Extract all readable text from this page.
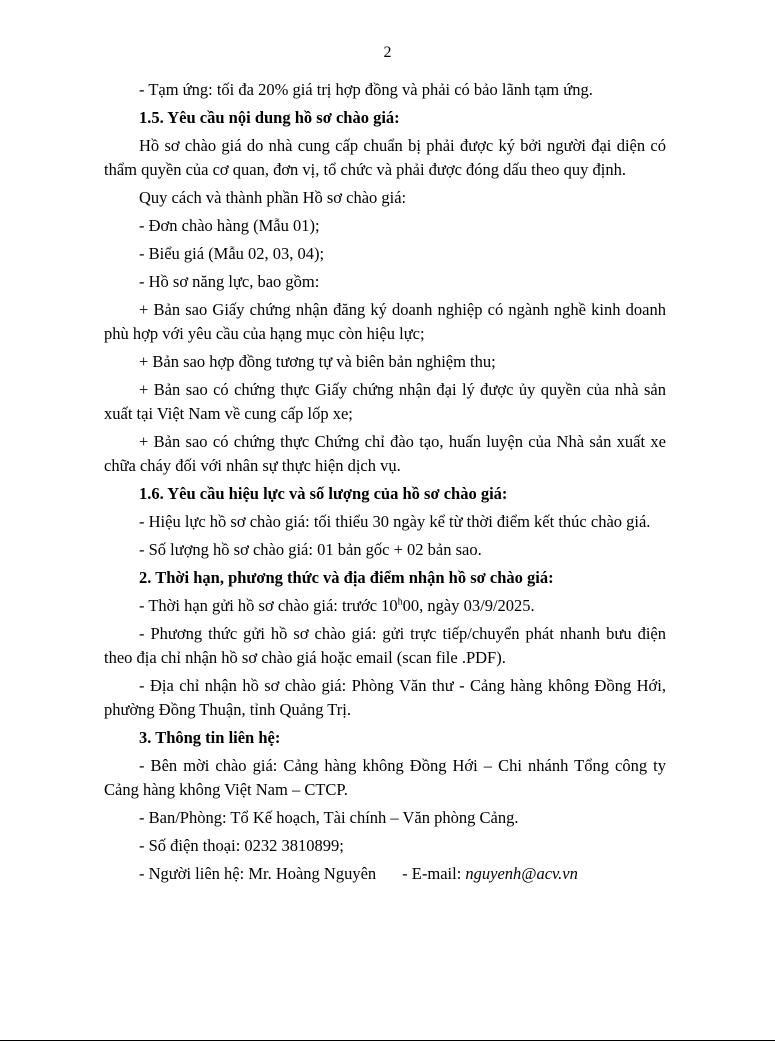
2

- Tạm ứng: tối đa 20% giá trị hợp đồng và phải có bảo lãnh tạm ứng.

1.5. Yêu cầu nội dung hồ sơ chào giá:

Hồ sơ chào giá do nhà cung cấp chuẩn bị phải được ký bởi người đại diện có thẩm quyền của cơ quan, đơn vị, tổ chức và phải được đóng dấu theo quy định.

Quy cách và thành phần Hồ sơ chào giá:

- Đơn chào hàng (Mẫu 01);

- Biểu giá (Mẫu 02, 03, 04);

- Hồ sơ năng lực, bao gồm:

+ Bản sao Giấy chứng nhận đăng ký doanh nghiệp có ngành nghề kinh doanh phù hợp với yêu cầu của hạng mục còn hiệu lực;

+ Bản sao hợp đồng tương tự và biên bản nghiệm thu;

+ Bản sao có chứng thực Giấy chứng nhận đại lý được ủy quyền của nhà sản xuất tại Việt Nam về cung cấp lốp xe;

+ Bản sao có chứng thực Chứng chỉ đào tạo, huấn luyện của Nhà sản xuất xe chữa cháy đối với nhân sự thực hiện dịch vụ.

1.6. Yêu cầu hiệu lực và số lượng của hồ sơ chào giá:

- Hiệu lực hồ sơ chào giá: tối thiểu 30 ngày kể từ thời điểm kết thúc chào giá.

- Số lượng hồ sơ chào giá: 01 bản gốc + 02 bản sao.

2. Thời hạn, phương thức và địa điểm nhận hồ sơ chào giá:

- Thời hạn gửi hồ sơ chào giá: trước 10$^h$00, ngày 03/9/2025.

- Phương thức gửi hồ sơ chào giá: gửi trực tiếp/chuyển phát nhanh bưu điện theo địa chỉ nhận hồ sơ chào giá hoặc email (scan file .PDF).

- Địa chỉ nhận hồ sơ chào giá: Phòng Văn thư - Cảng hàng không Đồng Hới, phường Đồng Thuận, tỉnh Quảng Trị.

3. Thông tin liên hệ:

- Bên mời chào giá: Cảng hàng không Đồng Hới – Chi nhánh Tổng công ty Cảng hàng không Việt Nam – CTCP.

- Ban/Phòng: Tổ Kế hoạch, Tài chính – Văn phòng Cảng.

- Số điện thoại: 0232 3810899;

- Người liên hệ: Mr. Hoàng Nguyên - E-mail: nguyenh@acv.vn
